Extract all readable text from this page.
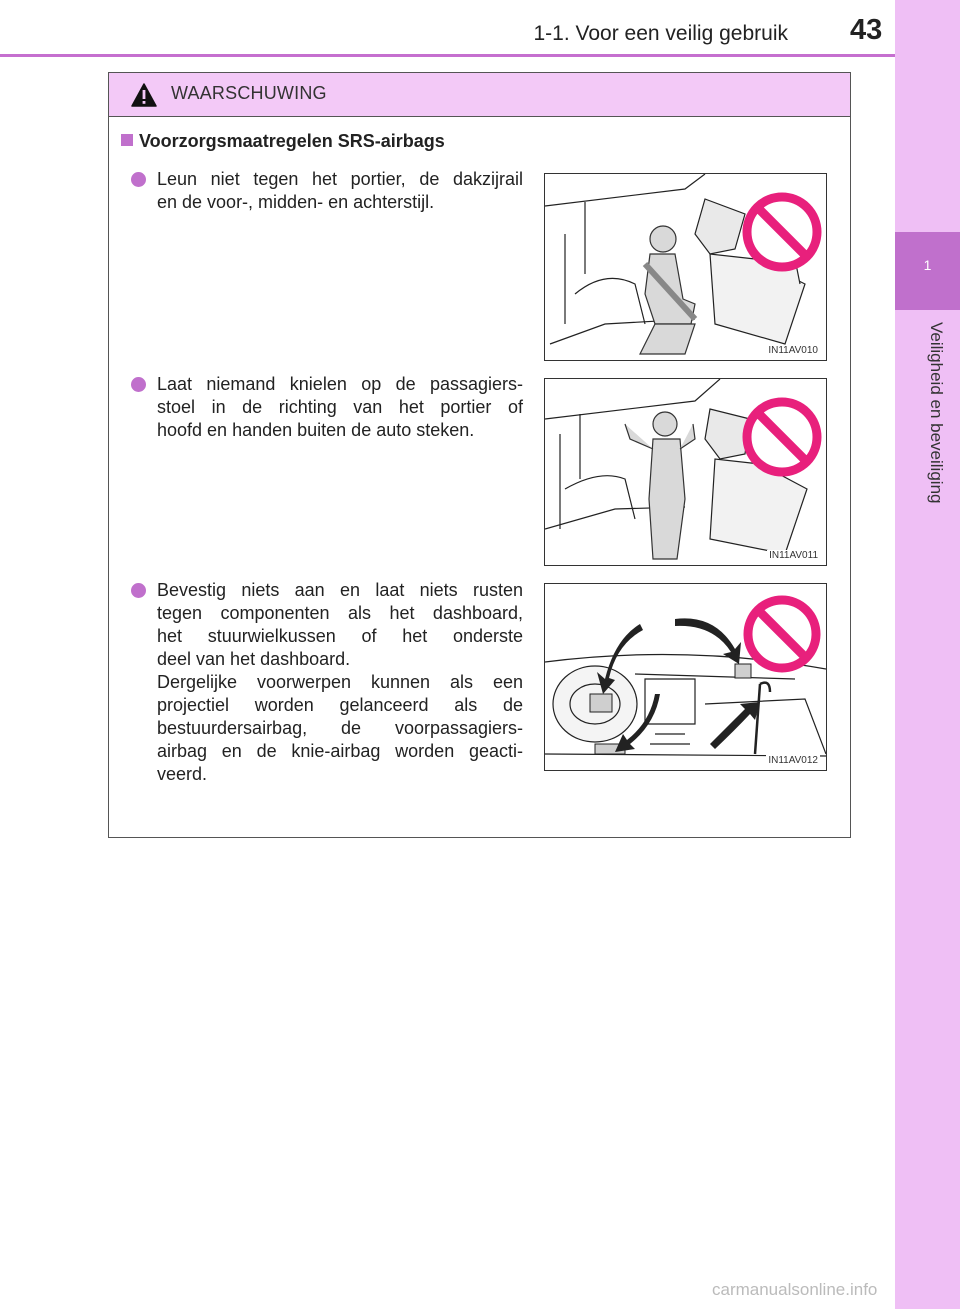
1-1. Voor een veilig gebruik 43
1
Veiligheid en beveiliging
WAARSCHUWING
Voorzorgsmaatregelen SRS-airbags
Leun niet tegen het portier, de dakzijrail
en de voor-, midden- en achterstijl.
IN11AV010
Laat niemand knielen op de passagiers-
stoel in de richting van het portier of
hoofd en handen buiten de auto steken.
IN11AV011
Bevestig niets aan en laat niets rusten
tegen componenten als het dashboard,
het stuurwielkussen of het onderste
deel van het dashboard.
Dergelijke voorwerpen kunnen als een
projectiel worden gelanceerd als de
bestuurdersairbag, de voorpassagiers-
airbag en de knie-airbag worden geacti-
veerd.
IN11AV012
carmanualsonline.info
